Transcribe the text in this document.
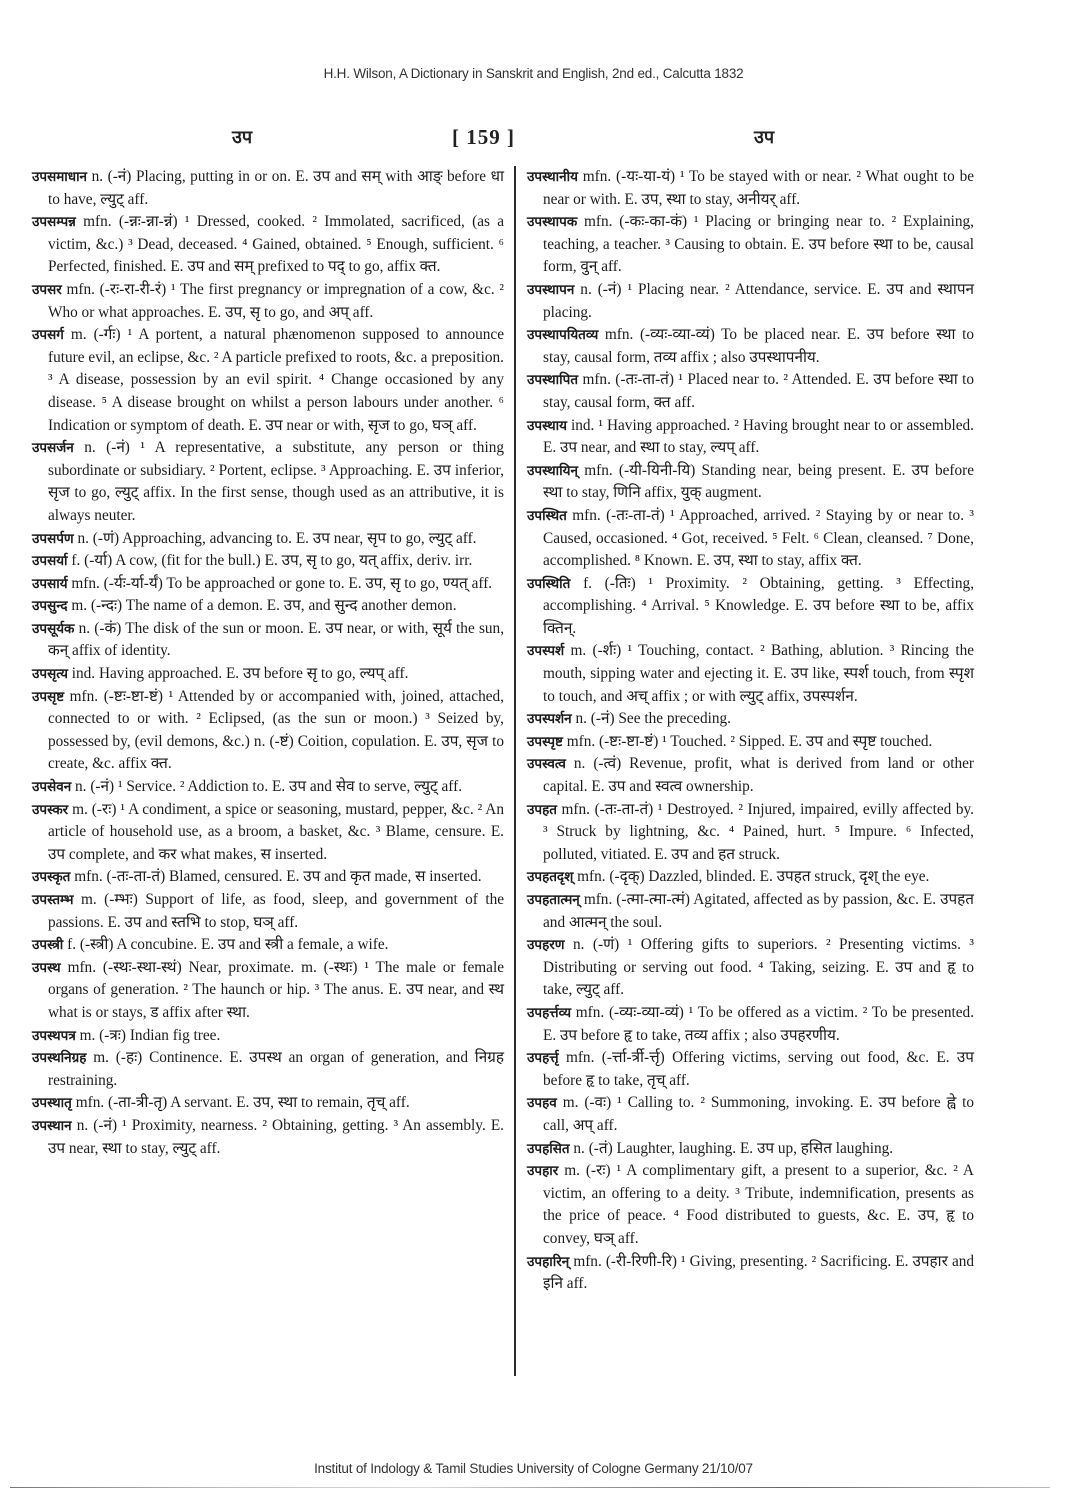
H.H. Wilson, A Dictionary in Sanskrit and English, 2nd ed., Calcutta 1832
उप	[ 159 ]	उप

उपसमाधान n. (-नं) Placing, putting in or on. E. उप and सम् with आङ् before धा to have, ल्युट् aff.

उपसम्पन्न mfn. (-न्नः-न्ना-न्नं) ¹ Dressed, cooked. ² Immolated, sacrificed, (as a victim, &c.) ³ Dead, deceased. ⁴ Gained, obtained. ⁵ Enough, sufficient. ⁶ Perfected, finished. E. उप and सम् prefixed to पद् to go, affix क्त.

उपसर mfn. (-रः-रा-री-रं) ¹ The first pregnancy or impregnation of a cow, &c. ² Who or what approaches. E. उप, सृ to go, and अप् aff.

उपसर्ग m. (-र्गः) ¹ A portent, a natural phænomenon supposed to announce future evil, an eclipse, &c. ² A particle prefixed to roots, &c. a preposition. ³ A disease, possession by an evil spirit. ⁴ Change occasioned by any disease. ⁵ A disease brought on whilst a person labours under another. ⁶ Indication or symptom of death. E. उप near or with, सृज to go, घञ् aff.

उपसर्जन n. (-नं) ¹ A representative, a substitute, any person or thing subordinate or subsidiary. ² Portent, eclipse. ³ Approaching. E. उप inferior, सृज to go, ल्युट् affix. In the first sense, though used as an attributive, it is always neuter.

उपसर्पण n. (-णं) Approaching, advancing to. E. उप near, सृप to go, ल्युट् aff.

उपसर्या f. (-र्या) A cow, (fit for the bull.) E. उप, सृ to go, यत् affix, deriv. irr.

उपसार्य mfn. (-र्यः-र्या-र्यं) To be approached or gone to. E. उप, सृ to go, ण्यत् aff.

उपसुन्द m. (-न्दः) The name of a demon. E. उप, and सुन्द another demon.

उपसूर्यक n. (-कं) The disk of the sun or moon. E. उप near, or with, सूर्य the sun, कन् affix of identity.

उपसृत्य ind. Having approached. E. उप before सृ to go, ल्यप् aff.

उपसृष्ट mfn. (-ष्टः-ष्टा-ष्टं) ¹ Attended by or accompanied with, joined, attached, connected to or with. ² Eclipsed, (as the sun or moon.) ³ Seized by, possessed by, (evil demons, &c.) n. (-ष्टं) Coition, copulation. E. उप, सृज to create, &c. affix क्त.

उपसेवन n. (-नं) ¹ Service. ² Addiction to. E. उप and सेव to serve, ल्युट् aff.

उपस्कर m. (-रः) ¹ A condiment, a spice or seasoning, mustard, pepper, &c. ² An article of household use, as a broom, a basket, &c. ³ Blame, censure. E. उप complete, and कर what makes, स inserted.

उपस्कृत mfn. (-तः-ता-तं) Blamed, censured. E. उप and कृत made, स inserted.

उपस्तम्भ m. (-म्भः) Support of life, as food, sleep, and government of the passions. E. उप and स्तभि to stop, घञ् aff.

उपस्त्री f. (-स्त्री) A concubine. E. उप and स्त्री a female, a wife.

उपस्थ mfn. (-स्थः-स्था-स्थं) Near, proximate. m. (-स्थः) ¹ The male or female organs of generation. ² The haunch or hip. ³ The anus. E. उप near, and स्थ what is or stays, ड affix after स्था.

उपस्थपत्र m. (-त्रः) Indian fig tree.

उपस्थनिग्रह m. (-हः) Continence. E. उपस्थ an organ of generation, and निग्रह restraining.

उपस्थातृ mfn. (-ता-त्री-तृ) A servant. E. उप, स्था to remain, तृच् aff.

उपस्थान n. (-नं) ¹ Proximity, nearness. ² Obtaining, getting. ³ An assembly. E. उप near, स्था to stay, ल्युट् aff.

उपस्थानीय mfn. (-यः-या-यं) ¹ To be stayed with or near. ² What ought to be near or with. E. उप, स्था to stay, अनीयर् aff.

उपस्थापक mfn. (-कः-का-कं) ¹ Placing or bringing near to. ² Explaining, teaching, a teacher. ³ Causing to obtain. E. उप before स्था to be, causal form, वुन् aff.

उपस्थापन n. (-नं) ¹ Placing near. ² Attendance, service. E. उप and स्थापन placing.

उपस्थापयितव्य mfn. (-व्यः-व्या-व्यं) To be placed near. E. उप before स्था to stay, causal form, तव्य affix ; also उपस्थापनीय.

उपस्थापित mfn. (-तः-ता-तं) ¹ Placed near to. ² Attended. E. उप before स्था to stay, causal form, क्त aff.

उपस्थाय ind. ¹ Having approached. ² Having brought near to or assembled. E. उप near, and स्था to stay, ल्यप् aff.

उपस्थायिन् mfn. (-यी-यिनी-यि) Standing near, being present. E. उप before स्था to stay, णिनि affix, युक् augment.

उपस्थित mfn. (-तः-ता-तं) ¹ Approached, arrived. ² Staying by or near to. ³ Caused, occasioned. ⁴ Got, received. ⁵ Felt. ⁶ Clean, cleansed. ⁷ Done, accomplished. ⁸ Known. E. उप, स्था to stay, affix क्त.

उपस्थिति f. (-तिः) ¹ Proximity. ² Obtaining, getting. ³ Effecting, accomplishing. ⁴ Arrival. ⁵ Knowledge. E. उप before स्था to be, affix क्तिन्.

उपस्पर्श m. (-र्शः) ¹ Touching, contact. ² Bathing, ablution. ³ Rincing the mouth, sipping water and ejecting it. E. उप like, स्पर्श touch, from स्पृश to touch, and अच् affix ; or with ल्युट् affix, उपस्पर्शन.

उपस्पर्शन n. (-नं) See the preceding.

उपस्पृष्ट mfn. (-ष्टः-ष्टा-ष्टं) ¹ Touched. ² Sipped. E. उप and स्पृष्ट touched.

उपस्वत्व n. (-त्वं) Revenue, profit, what is derived from land or other capital. E. उप and स्वत्व ownership.

उपहत mfn. (-तः-ता-तं) ¹ Destroyed. ² Injured, impaired, evilly affected by. ³ Struck by lightning, &c. ⁴ Pained, hurt. ⁵ Impure. ⁶ Infected, polluted, vitiated. E. उप and हत struck.

उपहतदृश् mfn. (-दृक्) Dazzled, blinded. E. उपहत struck, दृश् the eye.

उपहतात्मन् mfn. (-त्मा-त्मा-त्मं) Agitated, affected as by passion, &c. E. उपहत and आत्मन् the soul.

उपहरण n. (-णं) ¹ Offering gifts to superiors. ² Presenting victims. ³ Distributing or serving out food. ⁴ Taking, seizing. E. उप and हृ to take, ल्युट् aff.

उपहर्त्तव्य mfn. (-व्यः-व्या-व्यं) ¹ To be offered as a victim. ² To be presented. E. उप before हृ to take, तव्य affix ; also उपहरणीय.

उपहर्त्तृ mfn. (-र्त्ता-र्त्री-र्त्तृ) Offering victims, serving out food, &c. E. उप before हृ to take, तृच् aff.

उपहव m. (-वः) ¹ Calling to. ² Summoning, invoking. E. उप before ह्वे to call, अप् aff.

उपहसित n. (-तं) Laughter, laughing. E. उप up, हसित laughing.

उपहार m. (-रः) ¹ A complimentary gift, a present to a superior, &c. ² A victim, an offering to a deity. ³ Tribute, indemnification, presents as the price of peace. ⁴ Food distributed to guests, &c. E. उप, हृ to convey, घञ् aff.

उपहारिन् mfn. (-री-रिणी-रि) ¹ Giving, presenting. ² Sacrificing. E. उपहार and इनि aff.

Institut of Indology & Tamil Studies University of Cologne Germany 21/10/07
